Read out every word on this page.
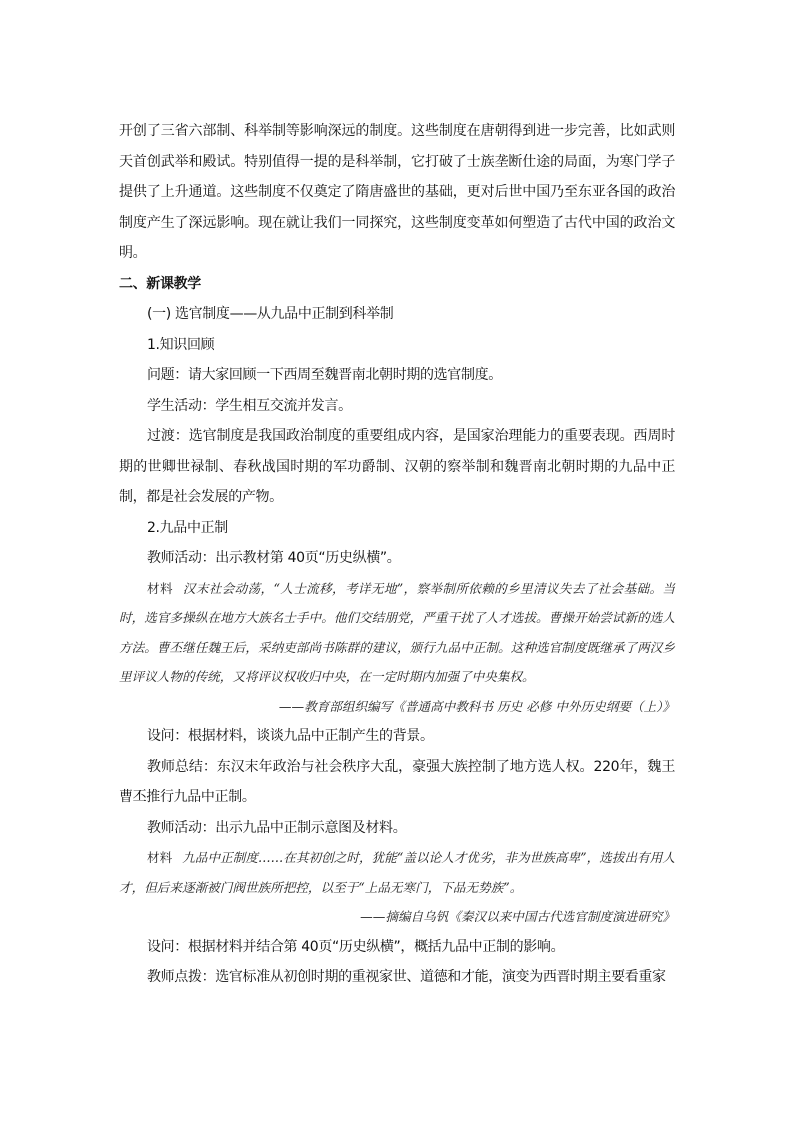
开创了三省六部制、科举制等影响深远的制度。这些制度在唐朝得到进一步完善，比如武则天首创武举和殿试。特别值得一提的是科举制，它打破了士族垄断仕途的局面，为寒门学子提供了上升通道。这些制度不仅奠定了隋唐盛世的基础，更对后世中国乃至东亚各国的政治制度产生了深远影响。现在就让我们一同探究，这些制度变革如何塑造了古代中国的政治文明。

二、新课教学

(一) 选官制度——从九品中正制到科举制

1.知识回顾

问题：请大家回顾一下西周至魏晋南北朝时期的选官制度。

学生活动：学生相互交流并发言。

过渡：选官制度是我国政治制度的重要组成内容，是国家治理能力的重要表现。西周时期的世卿世禄制、春秋战国时期的军功爵制、汉朝的察举制和魏晋南北朝时期的九品中正制，都是社会发展的产物。

2.九品中正制

教师活动：出示教材第 40页“历史纵横”。

材料 汉末社会动荡，“人士流移，考详无地”，察举制所依赖的乡里清议失去了社会基础。当时，选官多操纵在地方大族名士手中。他们交结朋党，严重干扰了人才选拔。曹操开始尝试新的选人方法。曹丕继任魏王后，采纳吏部尚书陈群的建议，颁行九品中正制。这种选官制度既继承了两汉乡里评议人物的传统，又将评议权收归中央，在一定时期内加强了中央集权。

——教育部组织编写《普通高中教科书 历史 必修 中外历史纲要（上）》

设问：根据材料，谈谈九品中正制产生的背景。

教师总结：东汉末年政治与社会秩序大乱，豪强大族控制了地方选人权。220年，魏王曹丕推行九品中正制。

教师活动：出示九品中正制示意图及材料。

材料 九品中正制度……在其初创之时，犹能“盖以论人才优劣，非为世族高卑”，选拔出有用人才，但后来逐渐被门阀世族所把控，以至于“上品无寒门，下品无势族”。

——摘编自乌钒《秦汉以来中国古代选官制度演进研究》

设问：根据材料并结合第 40页“历史纵横”，概括九品中正制的影响。

教师点拨：选官标准从初创时期的重视家世、道德和才能，演变为西晋时期主要看重家
